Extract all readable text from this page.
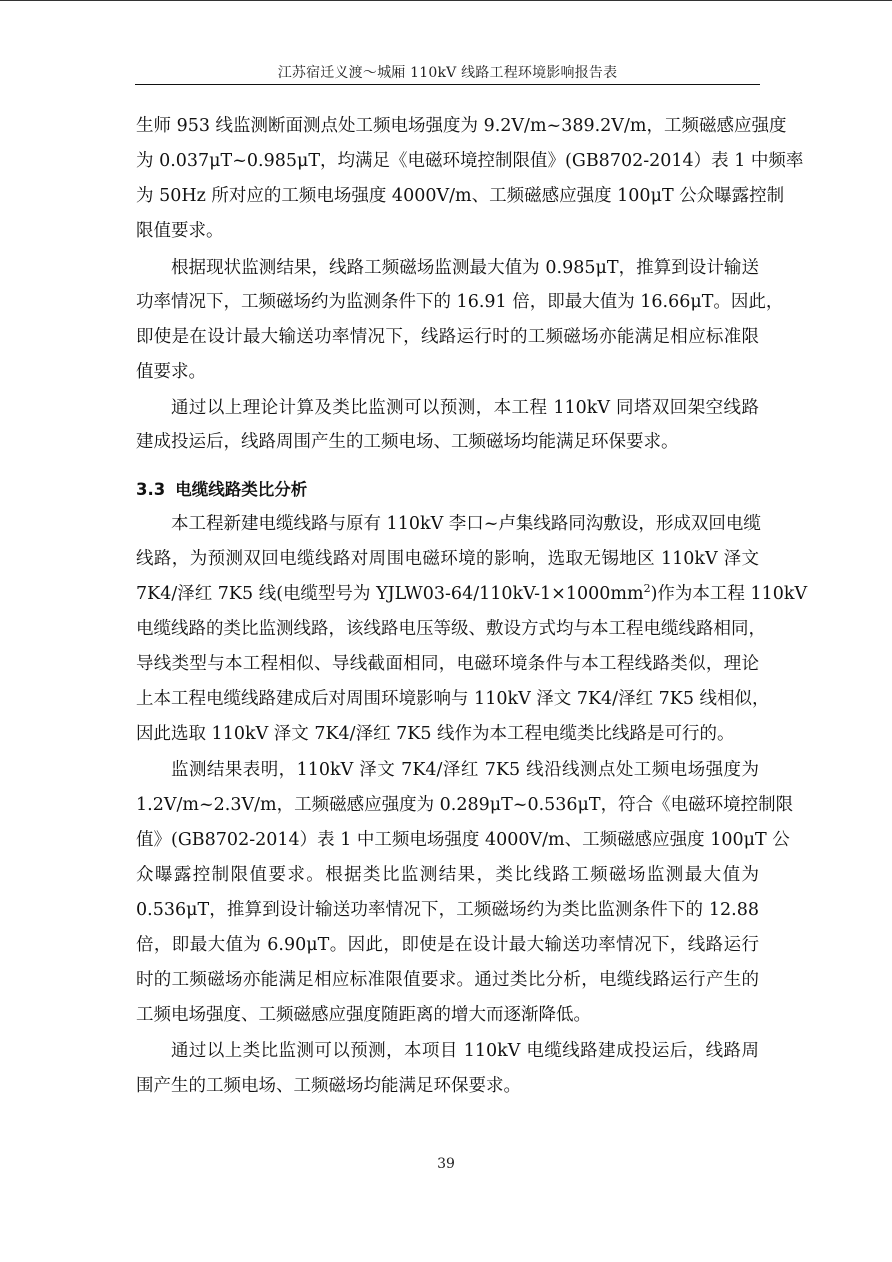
江苏宿迁义渡～城厢 110kV 线路工程环境影响报告表
生师 953 线监测断面测点处工频电场强度为 9.2V/m~389.2V/m，工频磁感应强度
为 0.037μT~0.985μT，均满足《电磁环境控制限值》(GB8702-2014）表 1 中频率
为 50Hz 所对应的工频电场强度 4000V/m、工频磁感应强度 100μT 公众曝露控制
限值要求。
根据现状监测结果，线路工频磁场监测最大值为 0.985μT，推算到设计输送
功率情况下，工频磁场约为监测条件下的 16.91 倍，即最大值为 16.66μT。因此，
即使是在设计最大输送功率情况下，线路运行时的工频磁场亦能满足相应标准限
值要求。
通过以上理论计算及类比监测可以预测，本工程 110kV 同塔双回架空线路
建成投运后，线路周围产生的工频电场、工频磁场均能满足环保要求。
3.3 电缆线路类比分析
本工程新建电缆线路与原有 110kV 李口~卢集线路同沟敷设，形成双回电缆
线路，为预测双回电缆线路对周围电磁环境的影响，选取无锡地区 110kV 泽文
7K4/泽红 7K5 线(电缆型号为 $YJLW03-64/110kV-1\times 1000mm^2$)作为本工程 110kV
电缆线路的类比监测线路，该线路电压等级、敷设方式均与本工程电缆线路相同，
导线类型与本工程相似、导线截面相同，电磁环境条件与本工程线路类似，理论
上本工程电缆线路建成后对周围环境影响与 110kV 泽文 7K4/泽红 7K5 线相似，
因此选取 110kV 泽文 7K4/泽红 7K5 线作为本工程电缆类比线路是可行的。
监测结果表明，110kV 泽文 7K4/泽红 7K5 线沿线测点处工频电场强度为
1.2V/m~2.3V/m，工频磁感应强度为 0.289μT~0.536μT，符合《电磁环境控制限
值》(GB8702-2014）表 1 中工频电场强度 4000V/m、工频磁感应强度 100μT 公
众曝露控制限值要求。根据类比监测结果，类比线路工频磁场监测最大值为
0.536μT，推算到设计输送功率情况下，工频磁场约为类比监测条件下的 12.88
倍，即最大值为 6.90μT。因此，即使是在设计最大输送功率情况下，线路运行
时的工频磁场亦能满足相应标准限值要求。通过类比分析，电缆线路运行产生的
工频电场强度、工频磁感应强度随距离的增大而逐渐降低。
通过以上类比监测可以预测，本项目 110kV 电缆线路建成投运后，线路周
围产生的工频电场、工频磁场均能满足环保要求。
39
